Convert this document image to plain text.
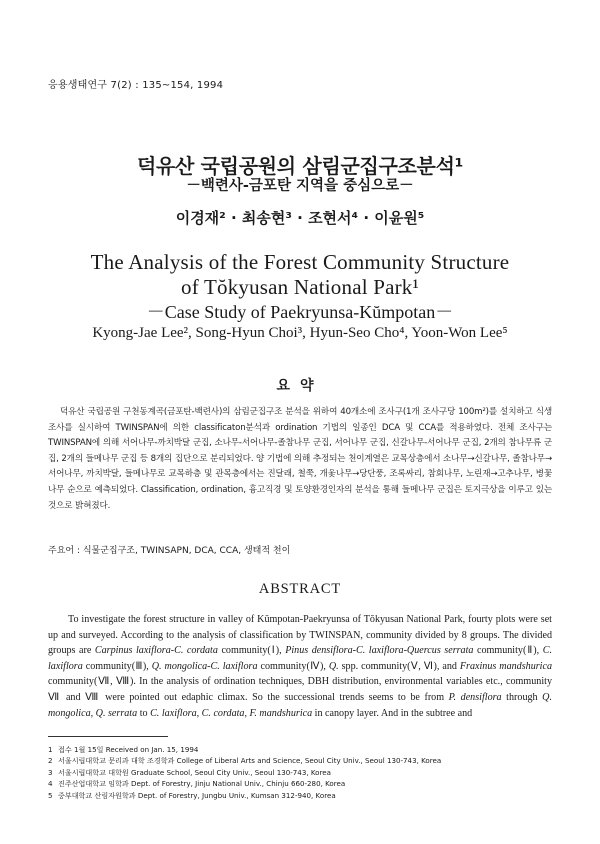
응용생태연구 7(2) : 135~154, 1994
덕유산 국립공원의 삼림군집구조분석¹
－백련사-금포탄 지역을 중심으로－
이경재² · 최송현³ · 조현서⁴ · 이윤원⁵
The Analysis of the Forest Community Structure
of Tŏkyusan National Park¹
－Case Study of Paekryunsa-Kŭmpotan－
Kyong-Jae Lee², Song-Hyun Choi³, Hyun-Seo Cho⁴, Yoon-Won Lee⁵
요약
덕유산 국립공원 구천동계곡(금포탄-백련사)의 삼림군집구조 분석을 위하여 40개소에 조사구(1개 조사구당 100m²)를 설치하고 식생조사를 실시하여 TWINSPAN에 의한 classificaton분석과 ordination 기법의 일종인 DCA 및 CCA를 적용하였다. 전체 조사구는 TWINSPAN에 의해 서어나무-까치박달 군집, 소나무-서어나무-졸참나무 군집, 서어나무 군집, 신갈나무-서어나무 군집, 2개의 참나무류 군집, 2개의 들메나무 군집 등 8개의 집단으로 분리되었다. 양 기법에 의해 추정되는 천이계열은 교목상층에서 소나무→신갈나무, 졸참나무→서어나무, 까치박달, 들메나무로 교목하층 및 관목층에서는 진달래, 철쭉, 개옻나무→당단풍, 조록싸리, 참회나무, 노린재→고추나무, 병꽃나무 순으로 예측되었다. Classification, ordination, 흉고직경 및 토양환경인자의 분석을 통해 들메나무 군집은 토지극상을 이루고 있는 것으로 밝혀졌다.
주요어 : 식물군집구조, TWINSAPN, DCA, CCA, 생태적 천이
ABSTRACT
To investigate the forest structure in valley of Kŭmpotan-Paekryunsa of Tŏkyusan National Park, fourty plots were set up and surveyed. According to the analysis of classification by TWINSPAN, community divided by 8 groups. The divided groups are Carpinus laxiflora-C. cordata community(Ⅰ), Pinus densiflora-C. laxiflora-Quercus serrata community(Ⅱ), C. laxiflora community(Ⅲ), Q. mongolica-C. laxiflora community(Ⅳ), Q. spp. community(Ⅴ, Ⅵ), and Fraxinus mandshurica community(Ⅶ, Ⅷ). In the analysis of ordination techniques, DBH distribution, environmental variables etc., community Ⅶ and Ⅷ were pointed out edaphic climax. So the successional trends seems to be from P. densiflora through Q. mongolica, Q. serrata to C. laxiflora, C. cordata, F. mandshurica in canopy layer. And in the subtree and
1 접수 1월 15일 Received on Jan. 15, 1994
2 서울시립대학교 문리과 대학 조경학과 College of Liberal Arts and Science, Seoul City Univ., Seoul 130-743, Korea
3 서울시립대학교 대학원 Graduate School, Seoul City Univ., Seoul 130-743, Korea
4 진주산업대학교 임학과 Dept. of Forestry, Jinju National Univ., Chinju 660-280, Korea
5 중부대학교 산림자원학과 Dept. of Forestry, Jungbu Univ., Kumsan 312-940, Korea
